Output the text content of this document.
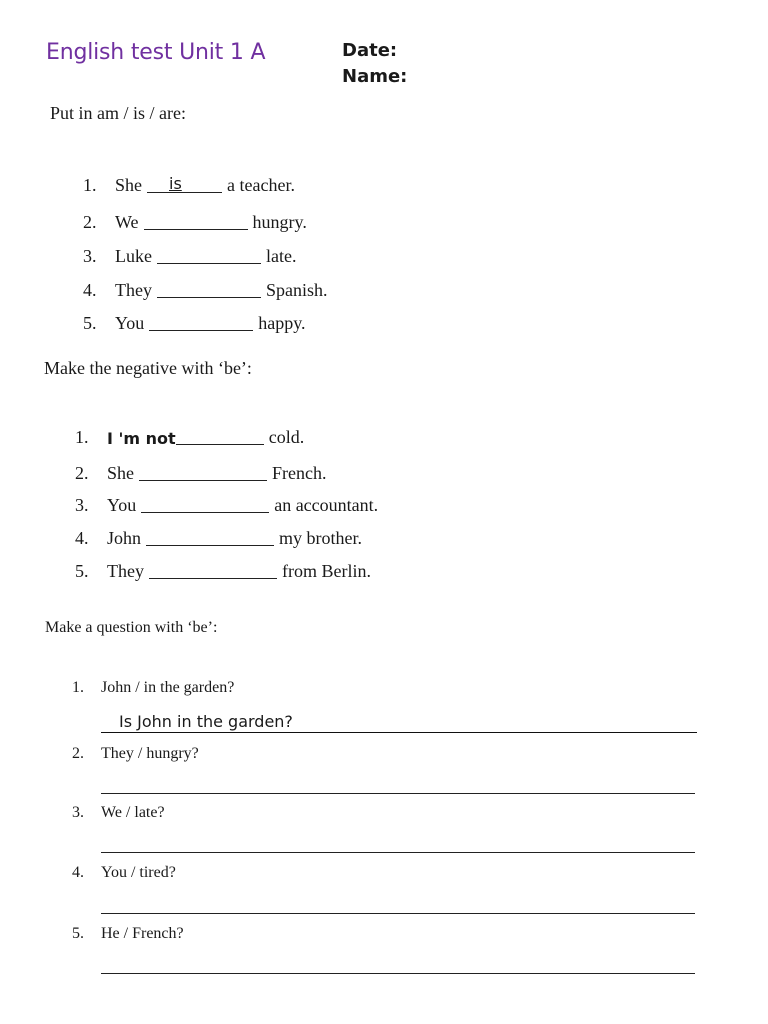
English test Unit 1 A	Date:
Name:
Put in am / is / are:
1.	She is	a teacher.
2.	We	hungry.
3.	Luke	late.
4.	They	Spanish.
5.	You	happy.
Make the negative with ‘be’:
1.	I 'm not	cold.
2.	She	French.
3.	You	an accountant.
4.	John	my brother.
5.	They	from Berlin.
Make a question with ‘be’:
1.	John / in the garden?
Is John in the garden?
2.	They / hungry?
3.	We / late?
4.	You / tired?
5.	He / French?
